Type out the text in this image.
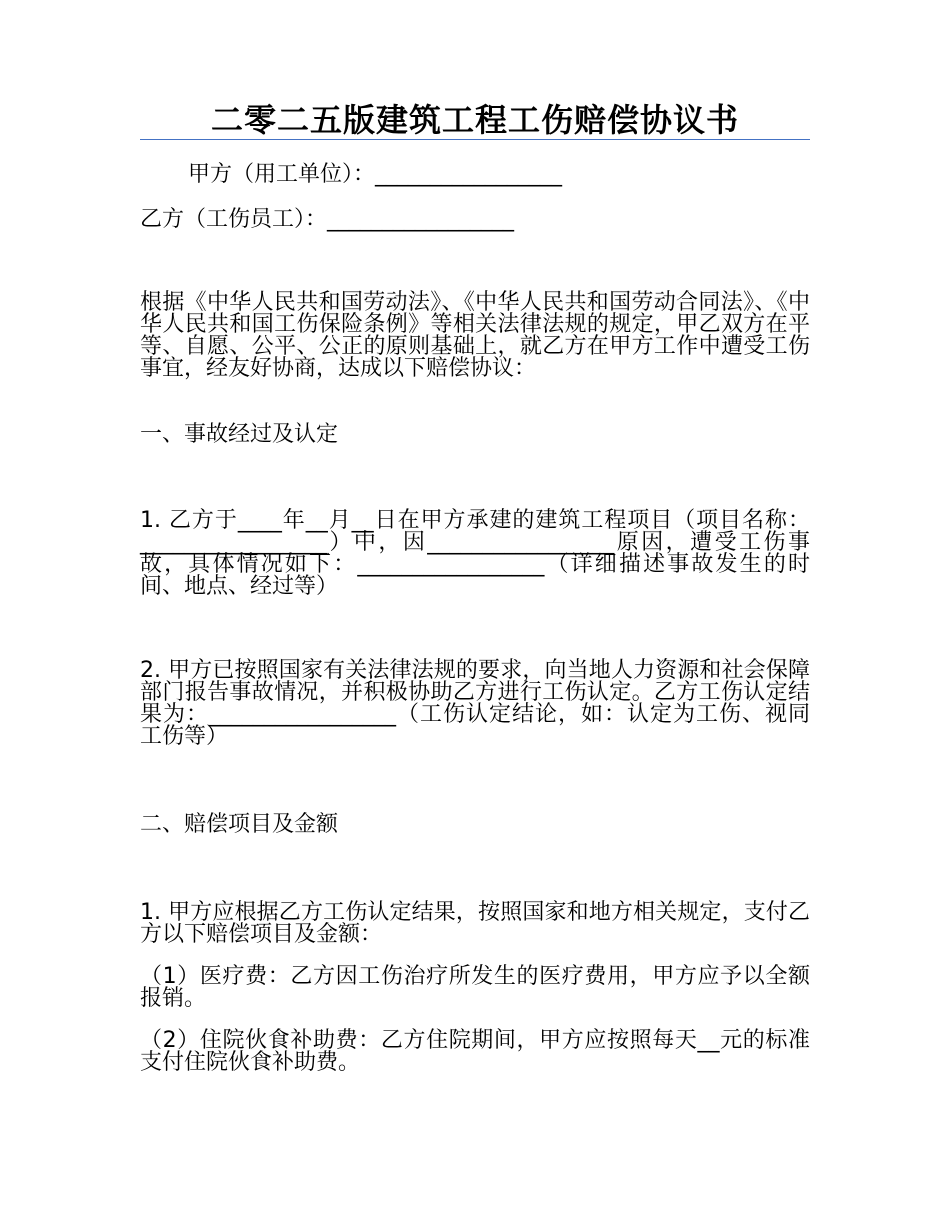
二零二五版建筑工程工伤赔偿协议书
甲方（用工单位）：_________________
乙方（工伤员工）：_________________
根据《中华人民共和国劳动法》、《中华人民共和国劳动合同法》、《中华人民共和国工伤保险条例》等相关法律法规的规定，甲乙双方在平等、自愿、公平、公正的原则基础上，就乙方在甲方工作中遭受工伤事宜，经友好协商，达成以下赔偿协议：
一、事故经过及认定
1. 乙方于____年__月__日在甲方承建的建筑工程项目（项目名称：_________________）中，因_________________原因，遭受工伤事故，具体情况如下：_________________（详细描述事故发生的时间、地点、经过等）
2. 甲方已按照国家有关法律法规的要求，向当地人力资源和社会保障部门报告事故情况，并积极协助乙方进行工伤认定。乙方工伤认定结果为：_________________（工伤认定结论，如：认定为工伤、视同工伤等）
二、赔偿项目及金额
1. 甲方应根据乙方工伤认定结果，按照国家和地方相关规定，支付乙方以下赔偿项目及金额：
（1）医疗费：乙方因工伤治疗所发生的医疗费用，甲方应予以全额报销。
（2）住院伙食补助费：乙方住院期间，甲方应按照每天__元的标准支付住院伙食补助费。
